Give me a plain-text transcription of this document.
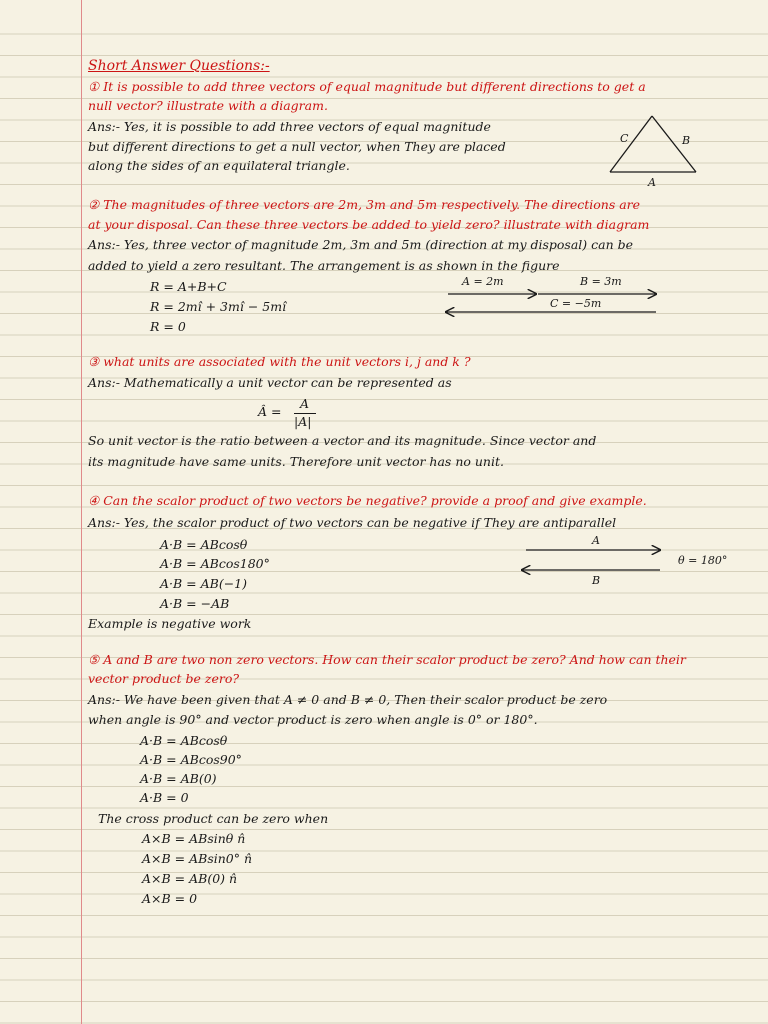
Short Answer Questions:-

① It is possible to add three vectors of equal magnitude but different directions to get a

null vector? illustrate with a diagram.

Ans:- Yes, it is possible to add three vectors of equal magnitude

but different directions to get a null vector, when They are placed

along the sides of an equilateral triangle.

C	B
A

② The magnitudes of three vectors are 2m, 3m and 5m respectively. The directions are

at your disposal. Can these three vectors be added to yield zero? illustrate with diagram

Ans:- Yes, three vector of magnitude 2m, 3m and 5m (direction at my disposal) can be

added to yield a zero resultant. The arrangement is as shown in the figure

R = A+B+C

R = 2mî + 3mî − 5mî

R = 0

A = 2m	B = 3m
C = −5m

③ what units are associated with the unit vectors i, j and k ?

Ans:- Mathematically a unit vector can be represented as

Â =

A

|A|

So unit vector is the ratio between a vector and its magnitude. Since vector and

its magnitude have same units. Therefore unit vector has no unit.

④ Can the scalor product of two vectors be negative? provide a proof and give example.

Ans:- Yes, the scalor product of two vectors can be negative if They are antiparallel

A·B = ABcosθ

A·B = ABcos180°

A·B = AB(−1)

A·B = −AB

Example is negative work

A
θ = 180°
B

⑤ A and B are two non zero vectors. How can their scalor product be zero? And how can their

vector product be zero?

Ans:- We have been given that A ≠ 0 and B ≠ 0, Then their scalor product be zero

when angle is 90° and vector product is zero when angle is 0° or 180°.

A·B = ABcosθ

A·B = ABcos90°

A·B = AB(0)

A·B = 0

The cross product can be zero when

A×B = ABsinθ n̂

A×B = ABsin0° n̂

A×B = AB(0) n̂

A×B = 0
